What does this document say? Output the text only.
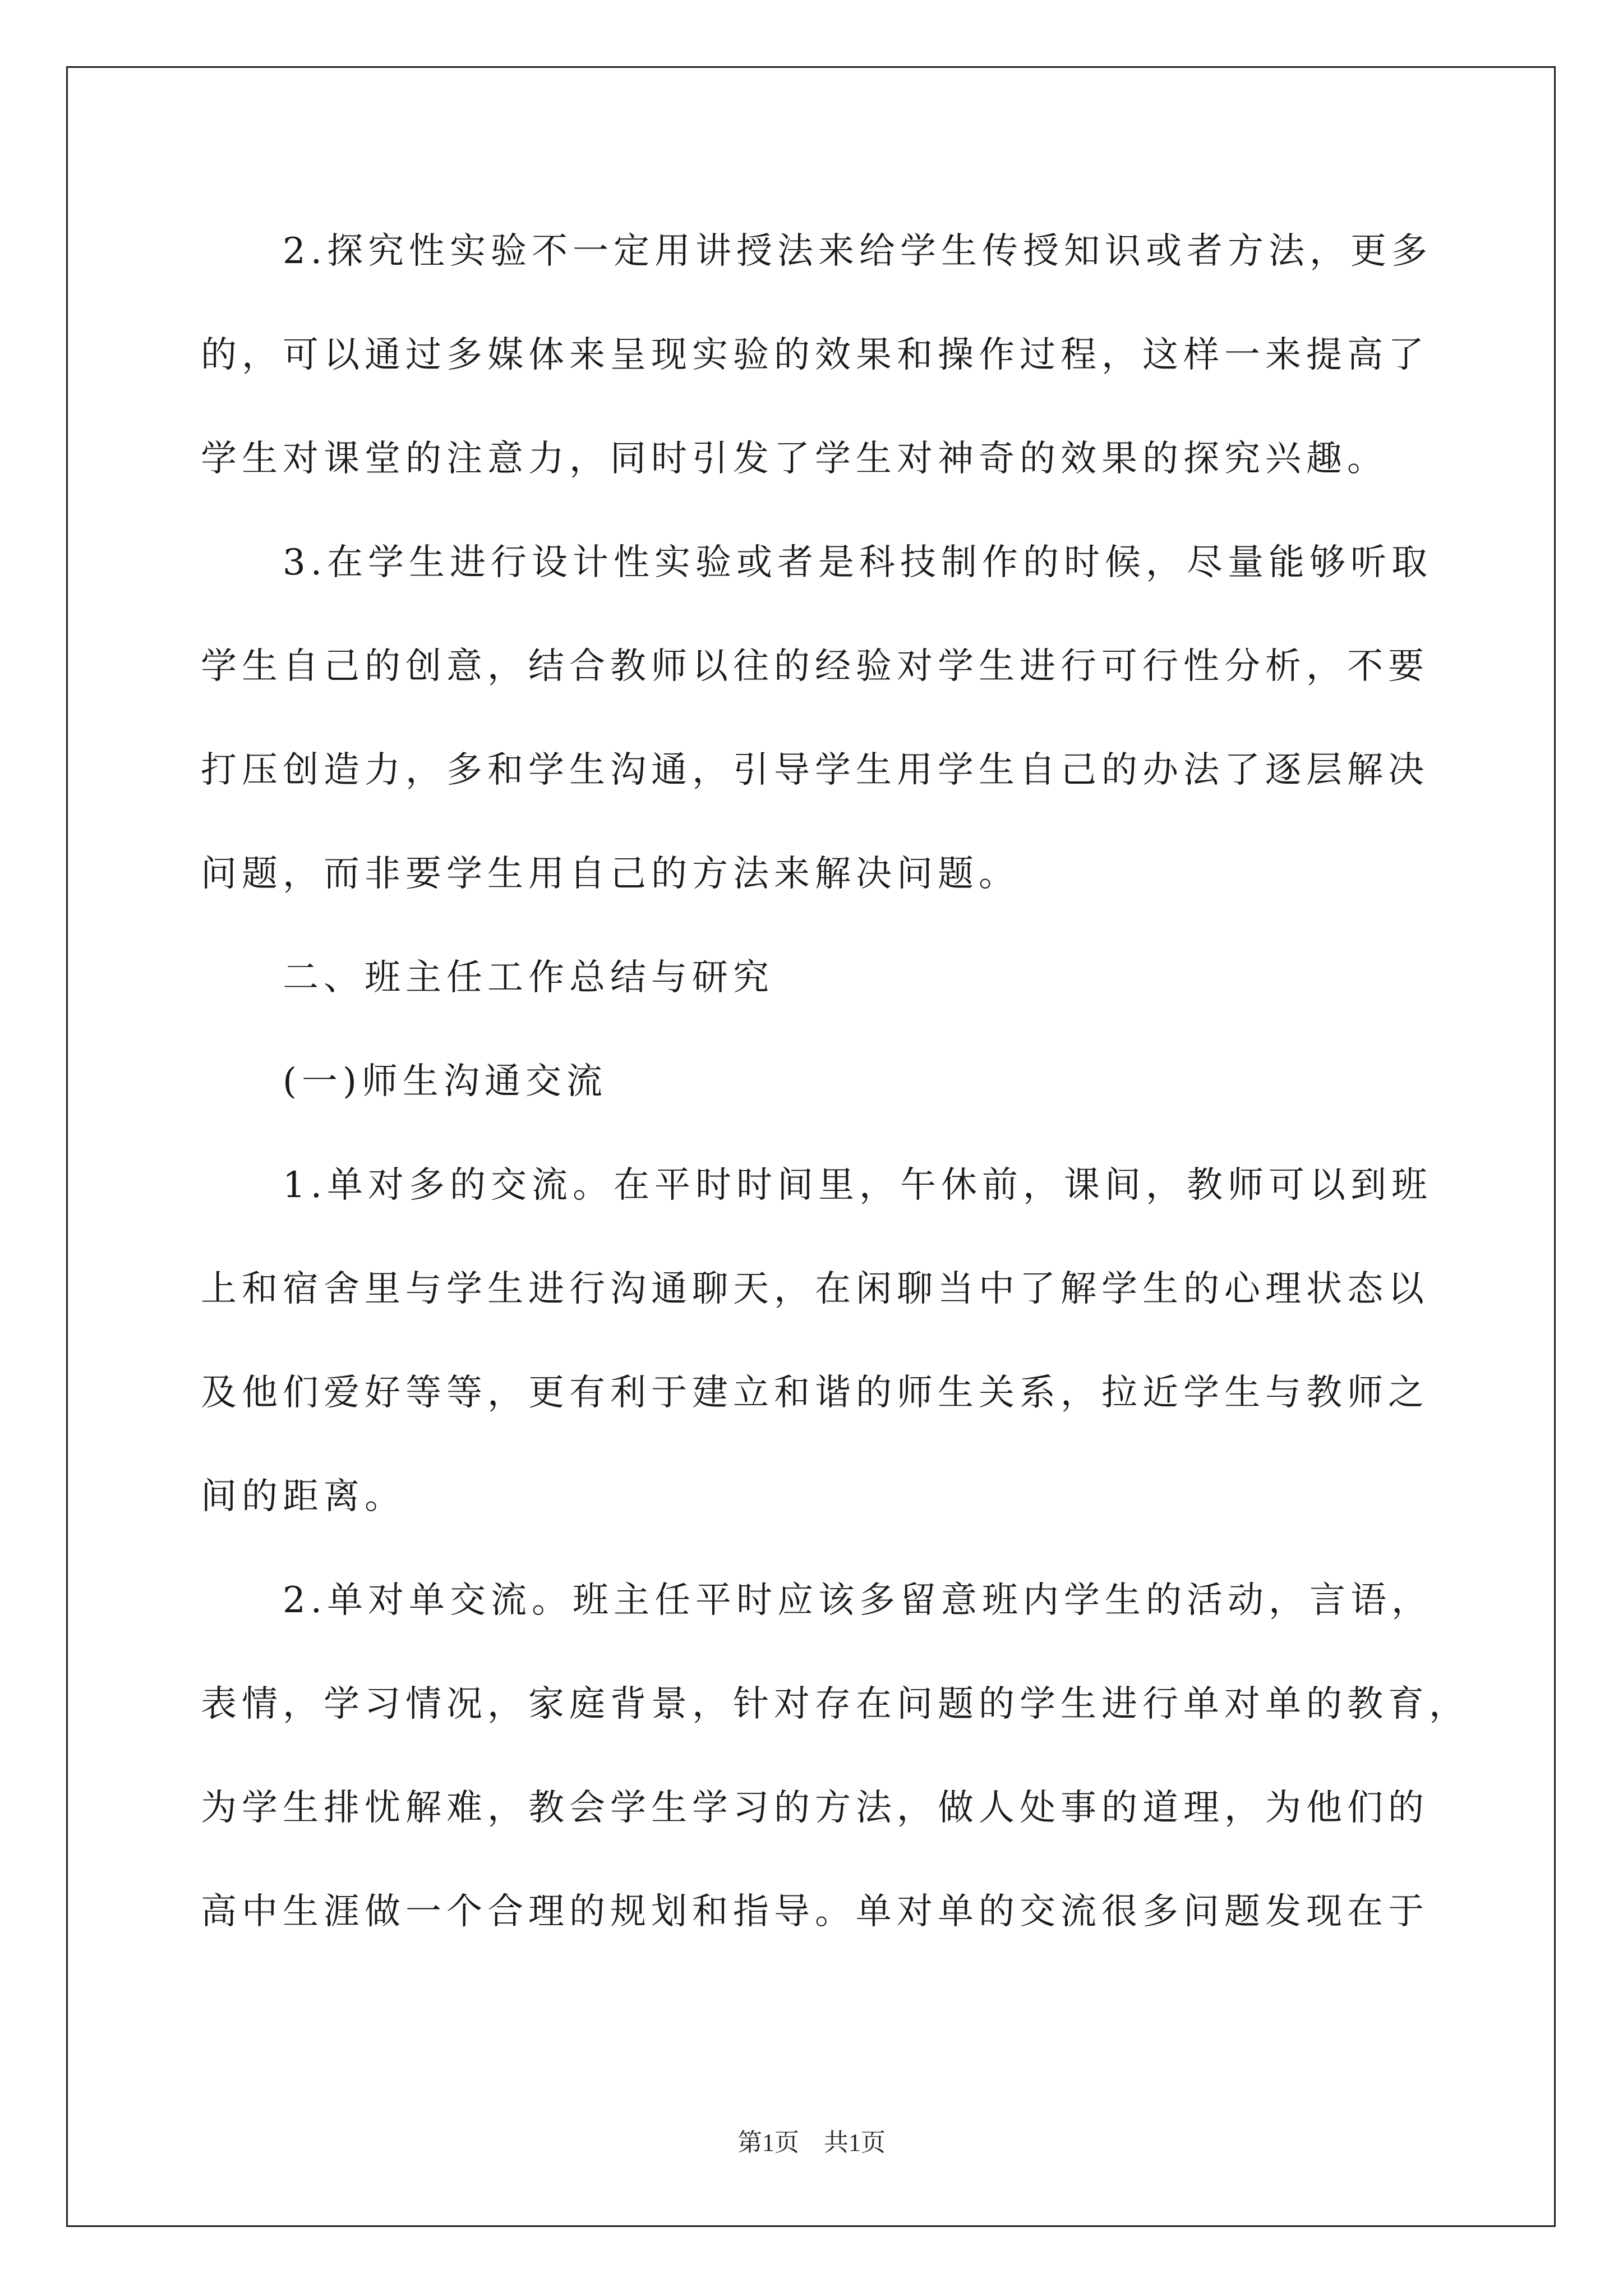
　　2.探究性实验不一定用讲授法来给学生传授知识或者方法，更多
的，可以通过多媒体来呈现实验的效果和操作过程，这样一来提高了
学生对课堂的注意力，同时引发了学生对神奇的效果的探究兴趣。
　　3.在学生进行设计性实验或者是科技制作的时候，尽量能够听取
学生自己的创意，结合教师以往的经验对学生进行可行性分析，不要
打压创造力，多和学生沟通，引导学生用学生自己的办法了逐层解决
问题，而非要学生用自己的方法来解决问题。
　　二、班主任工作总结与研究
　　(一)师生沟通交流
　　1.单对多的交流。在平时时间里，午休前，课间，教师可以到班
上和宿舍里与学生进行沟通聊天，在闲聊当中了解学生的心理状态以
及他们爱好等等，更有利于建立和谐的师生关系，拉近学生与教师之
间的距离。
　　2.单对单交流。班主任平时应该多留意班内学生的活动，言语，
表情，学习情况，家庭背景，针对存在问题的学生进行单对单的教育，
为学生排忧解难，教会学生学习的方法，做人处事的道理，为他们的
高中生涯做一个合理的规划和指导。单对单的交流很多问题发现在于
第1页　共1页
